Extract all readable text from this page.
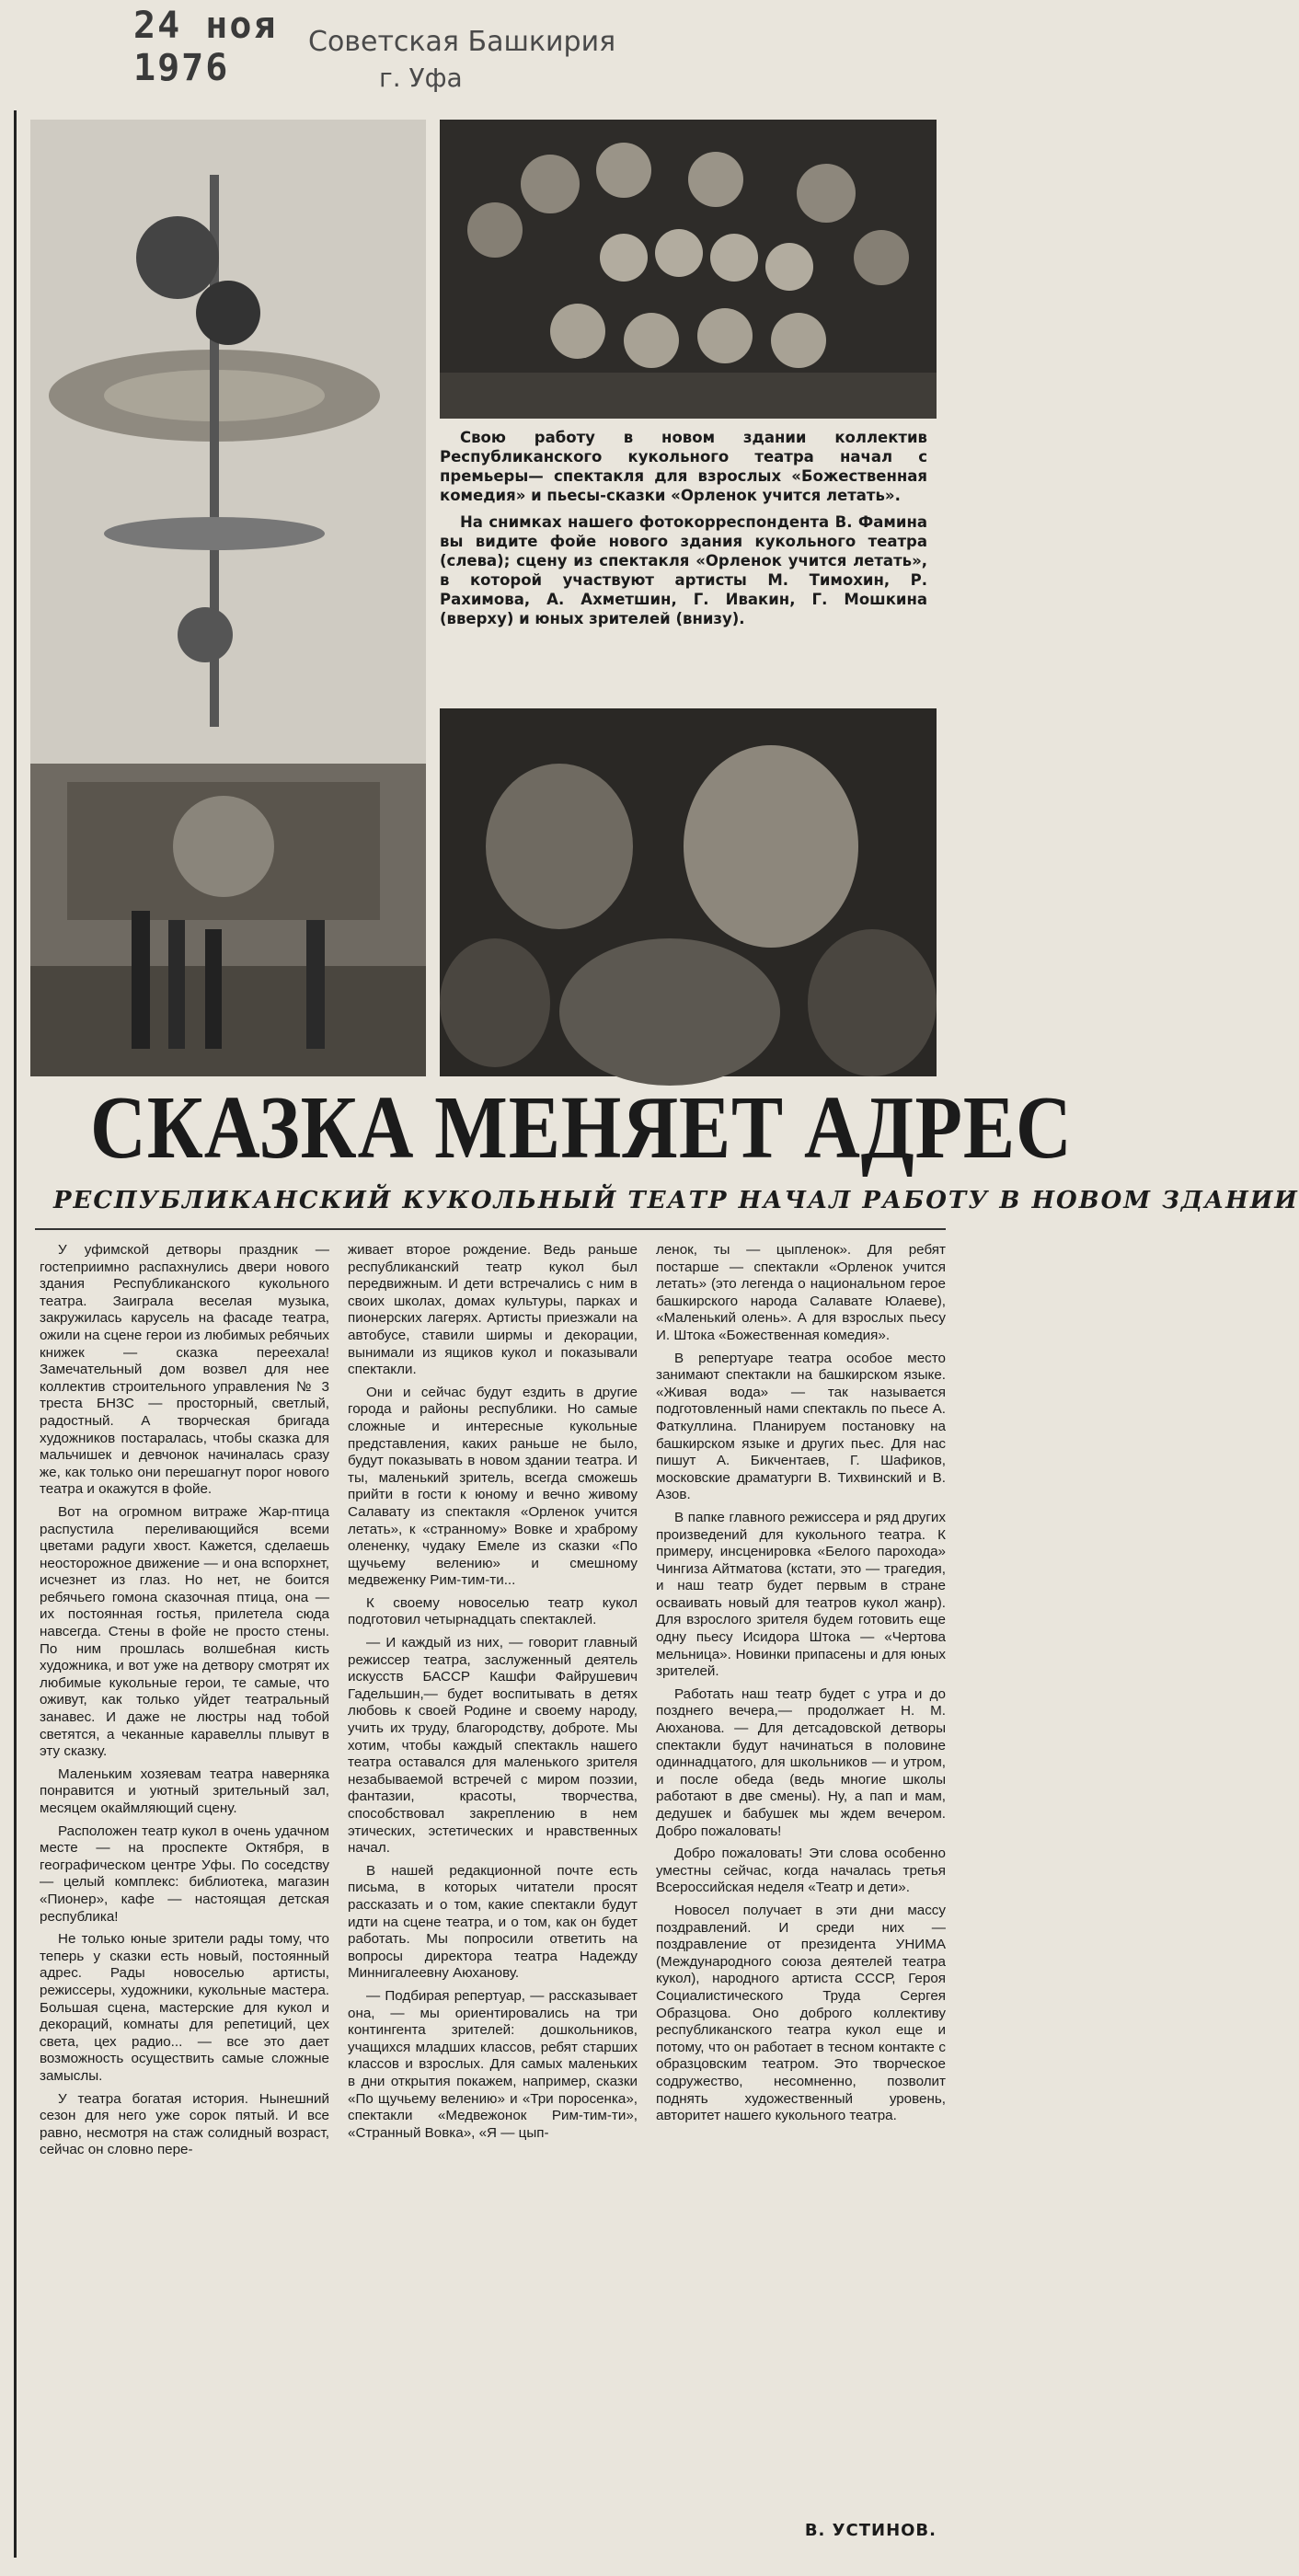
24 ноя 1976
Советская Башкирия
г. Уфа

Свою работу в новом здании коллектив Республиканского кукольного театра начал с премьеры— спектакля для взрослых «Божественная комедия» и пьесы-сказки «Орленок учится летать».

На снимках нашего фотокорреспондента В. Фамина вы видите фойе нового здания кукольного театра (слева); сцену из спектакля «Орленок учится летать», в которой участвуют артисты М. Тимохин, Р. Рахимова, А. Ахметшин, Г. Ивакин, Г. Мошкина (вверху) и юных зрителей (внизу).

СКАЗКА МЕНЯЕТ АДРЕС
РЕСПУБЛИКАНСКИЙ КУКОЛЬНЫЙ ТЕАТР НАЧАЛ РАБОТУ В НОВОМ ЗДАНИИ

У уфимской детворы праздник — гостеприимно распахнулись двери нового здания Республиканского кукольного театра. Заиграла веселая музыка, закружилась карусель на фасаде театра, ожили на сцене герои из любимых ребячьих книжек — сказка переехала! Замечательный дом возвел для нее коллектив строительного управления № 3 треста БНЗС — просторный, светлый, радостный. А творческая бригада художников постаралась, чтобы сказка для мальчишек и девчонок начиналась сразу же, как только они перешагнут порог нового театра и окажутся в фойе.

Вот на огромном витраже Жар-птица распустила переливающийся всеми цветами радуги хвост. Кажется, сделаешь неосторожное движение — и она вспорхнет, исчезнет из глаз. Но нет, не боится ребячьего гомона сказочная птица, она — их постоянная гостья, прилетела сюда навсегда. Стены в фойе не просто стены. По ним прошлась волшебная кисть художника, и вот уже на детвору смотрят их любимые кукольные герои, те самые, что оживут, как только уйдет театральный занавес. И даже не люстры над тобой светятся, а чеканные каравеллы плывут в эту сказку.

Маленьким хозяевам театра наверняка понравится и уютный зрительный зал, месяцем окаймляющий сцену.

Расположен театр кукол в очень удачном месте — на проспекте Октября, в географическом центре Уфы. По соседству — целый комплекс: библиотека, магазин «Пионер», кафе — настоящая детская республика!

Не только юные зрители рады тому, что теперь у сказки есть новый, постоянный адрес. Рады новоселью артисты, режиссеры, художники, кукольные мастера. Большая сцена, мастерские для кукол и декораций, комнаты для репетиций, цех света, цех радио... — все это дает возможность осуществить самые сложные замыслы.

У театра богатая история. Нынешний сезон для него уже сорок пятый. И все равно, несмотря на стаж солидный возраст, сейчас он словно пере-

живает второе рождение. Ведь раньше республиканский театр кукол был передвижным. И дети встречались с ним в своих школах, домах культуры, парках и пионерских лагерях. Артисты приезжали на автобусе, ставили ширмы и декорации, вынимали из ящиков кукол и показывали спектакли.

Они и сейчас будут ездить в другие города и районы республики. Но самые сложные и интересные кукольные представления, каких раньше не было, будут показывать в новом здании театра. И ты, маленький зритель, всегда сможешь прийти в гости к юному и вечно живому Салавату из спектакля «Орленок учится летать», к «странному» Вовке и храброму олененку, чудаку Емеле из сказки «По щучьему велению» и смешному медвеженку Рим-тим-ти...

К своему новоселью театр кукол подготовил четырнадцать спектаклей.

— И каждый из них, — говорит главный режиссер театра, заслуженный деятель искусств БАССР Кашфи Файрушевич Гадельшин,— будет воспитывать в детях любовь к своей Родине и своему народу, учить их труду, благородству, доброте. Мы хотим, чтобы каждый спектакль нашего театра оставался для маленького зрителя незабываемой встречей с миром поэзии, фантазии, красоты, творчества, способствовал закреплению в нем этических, эстетических и нравственных начал.

В нашей редакционной почте есть письма, в которых читатели просят рассказать и о том, какие спектакли будут идти на сцене театра, и о том, как он будет работать. Мы попросили ответить на вопросы директора театра Надежду Миннигалеевну Аюханову.

— Подбирая репертуар, — рассказывает она, — мы ориентировались на три контингента зрителей: дошкольников, учащихся младших классов, ребят старших классов и взрослых. Для самых маленьких в дни открытия покажем, например, сказки «По щучьему велению» и «Три поросенка», спектакли «Медвежонок Рим-тим-ти», «Странный Вовка», «Я — цып-

ленок, ты — цыпленок». Для ребят постарше — спектакли «Орленок учится летать» (это легенда о национальном герое башкирского народа Салавате Юлаеве), «Маленький олень». А для взрослых пьесу И. Штока «Божественная комедия».

В репертуаре театра особое место занимают спектакли на башкирском языке. «Живая вода» — так называется подготовленный нами спектакль по пьесе А. Фаткуллина. Планируем постановку на башкирском языке и других пьес. Для нас пишут А. Бикчентаев, Г. Шафиков, московские драматурги В. Тихвинский и В. Азов.

В папке главного режиссера и ряд других произведений для кукольного театра. К примеру, инсценировка «Белого парохода» Чингиза Айтматова (кстати, это — трагедия, и наш театр будет первым в стране осваивать новый для театров кукол жанр). Для взрослого зрителя будем готовить еще одну пьесу Исидора Штока — «Чертова мельница». Новинки припасены и для юных зрителей.

Работать наш театр будет с утра и до позднего вечера,— продолжает Н. М. Аюханова. — Для детсадовской детворы спектакли будут начинаться в половине одиннадцатого, для школьников — и утром, и после обеда (ведь многие школы работают в две смены). Ну, а пап и мам, дедушек и бабушек мы ждем вечером. Добро пожаловать!

Добро пожаловать! Эти слова особенно уместны сейчас, когда началась третья Всероссийская неделя «Театр и дети».

Новосел получает в эти дни массу поздравлений. И среди них — поздравление от президента УНИМА (Международного союза деятелей театра кукол), народного артиста СССР, Героя Социалистического Труда Сергея Образцова. Оно доброго коллективу республиканского театра кукол еще и потому, что он работает в тесном контакте с образцовским театром. Это творческое содружество, несомненно, позволит поднять художественный уровень, авторитет нашего кукольного театра.

В. УСТИНОВ.
